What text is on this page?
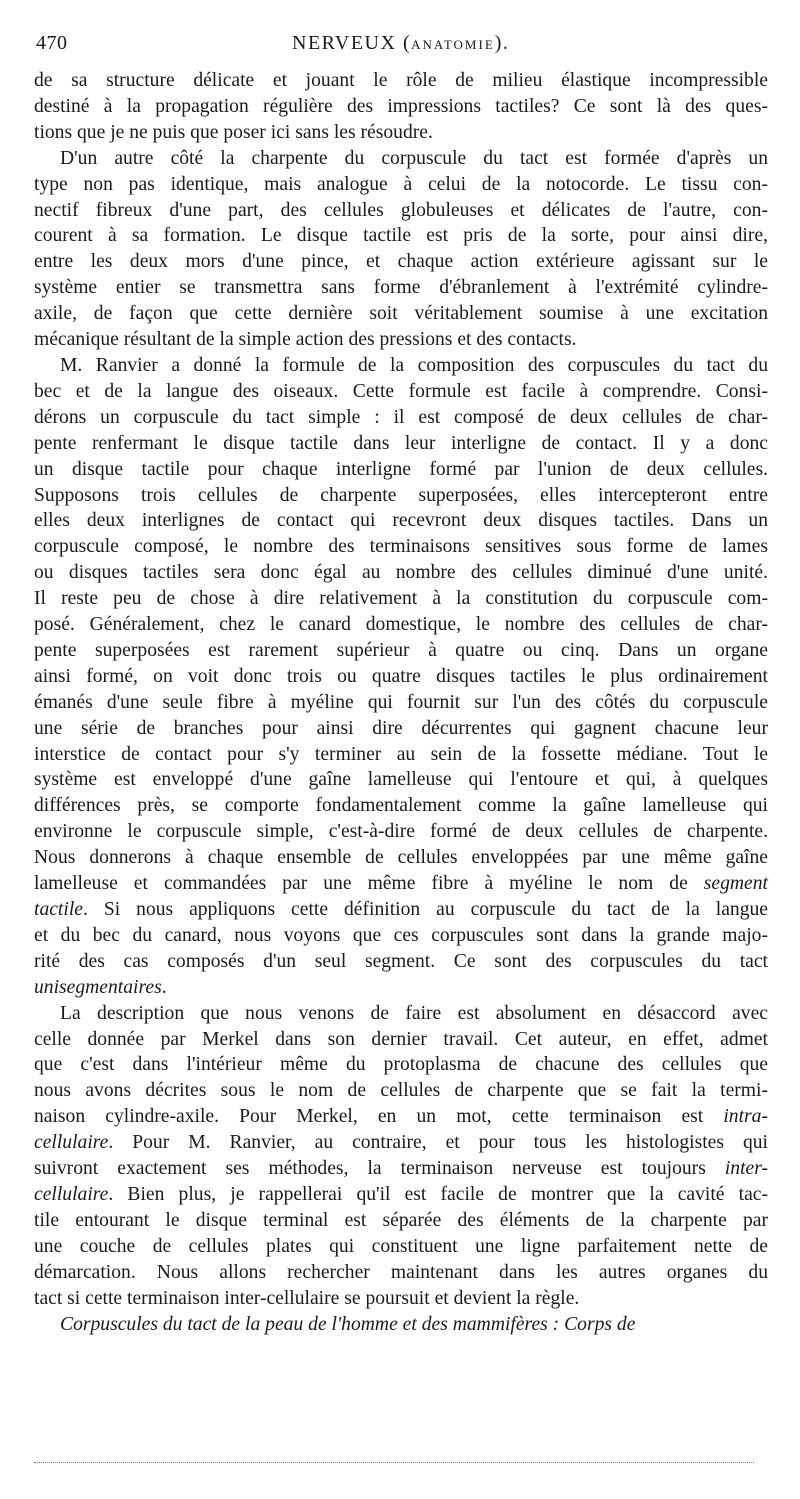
470	NERVEUX (ANATOMIE).
de sa structure délicate et jouant le rôle de milieu élastique incompressible
destiné à la propagation régulière des impressions tactiles? Ce sont là des ques-
tions que je ne puis que poser ici sans les résoudre.
D'un autre côté la charpente du corpuscule du tact est formée d'après un
type non pas identique, mais analogue à celui de la notocorde. Le tissu con-
nectif fibreux d'une part, des cellules globuleuses et délicates de l'autre, con-
courent à sa formation. Le disque tactile est pris de la sorte, pour ainsi dire,
entre les deux mors d'une pince, et chaque action extérieure agissant sur le
système entier se transmettra sans forme d'ébranlement à l'extrémité cylindre-
axile, de façon que cette dernière soit véritablement soumise à une excitation
mécanique résultant de la simple action des pressions et des contacts.
M. Ranvier a donné la formule de la composition des corpuscules du tact du
bec et de la langue des oiseaux. Cette formule est facile à comprendre. Consi-
dérons un corpuscule du tact simple : il est composé de deux cellules de char-
pente renfermant le disque tactile dans leur interligne de contact. Il y a donc
un disque tactile pour chaque interligne formé par l'union de deux cellules.
Supposons trois cellules de charpente superposées, elles intercepteront entre
elles deux interlignes de contact qui recevront deux disques tactiles. Dans un
corpuscule composé, le nombre des terminaisons sensitives sous forme de lames
ou disques tactiles sera donc égal au nombre des cellules diminué d'une unité.
Il reste peu de chose à dire relativement à la constitution du corpuscule com-
posé. Généralement, chez le canard domestique, le nombre des cellules de char-
pente superposées est rarement supérieur à quatre ou cinq. Dans un organe
ainsi formé, on voit donc trois ou quatre disques tactiles le plus ordinairement
émanés d'une seule fibre à myéline qui fournit sur l'un des côtés du corpuscule
une série de branches pour ainsi dire décurrentes qui gagnent chacune leur
interstice de contact pour s'y terminer au sein de la fossette médiane. Tout le
système est enveloppé d'une gaîne lamelleuse qui l'entoure et qui, à quelques
différences près, se comporte fondamentalement comme la gaîne lamelleuse qui
environne le corpuscule simple, c'est-à-dire formé de deux cellules de charpente.
Nous donnerons à chaque ensemble de cellules enveloppées par une même gaîne
lamelleuse et commandées par une même fibre à myéline le nom de segment
tactile. Si nous appliquons cette définition au corpuscule du tact de la langue
et du bec du canard, nous voyons que ces corpuscules sont dans la grande majo-
rité des cas composés d'un seul segment. Ce sont des corpuscules du tact
unisegmentaires.
La description que nous venons de faire est absolument en désaccord avec
celle donnée par Merkel dans son dernier travail. Cet auteur, en effet, admet
que c'est dans l'intérieur même du protoplasma de chacune des cellules que
nous avons décrites sous le nom de cellules de charpente que se fait la termi-
naison cylindre-axile. Pour Merkel, en un mot, cette terminaison est intra-
cellulaire. Pour M. Ranvier, au contraire, et pour tous les histologistes qui
suivront exactement ses méthodes, la terminaison nerveuse est toujours inter-
cellulaire. Bien plus, je rappellerai qu'il est facile de montrer que la cavité tac-
tile entourant le disque terminal est séparée des éléments de la charpente par
une couche de cellules plates qui constituent une ligne parfaitement nette de
démarcation. Nous allons rechercher maintenant dans les autres organes du
tact si cette terminaison inter-cellulaire se poursuit et devient la règle.
Corpuscules du tact de la peau de l'homme et des mammifères : Corps de
